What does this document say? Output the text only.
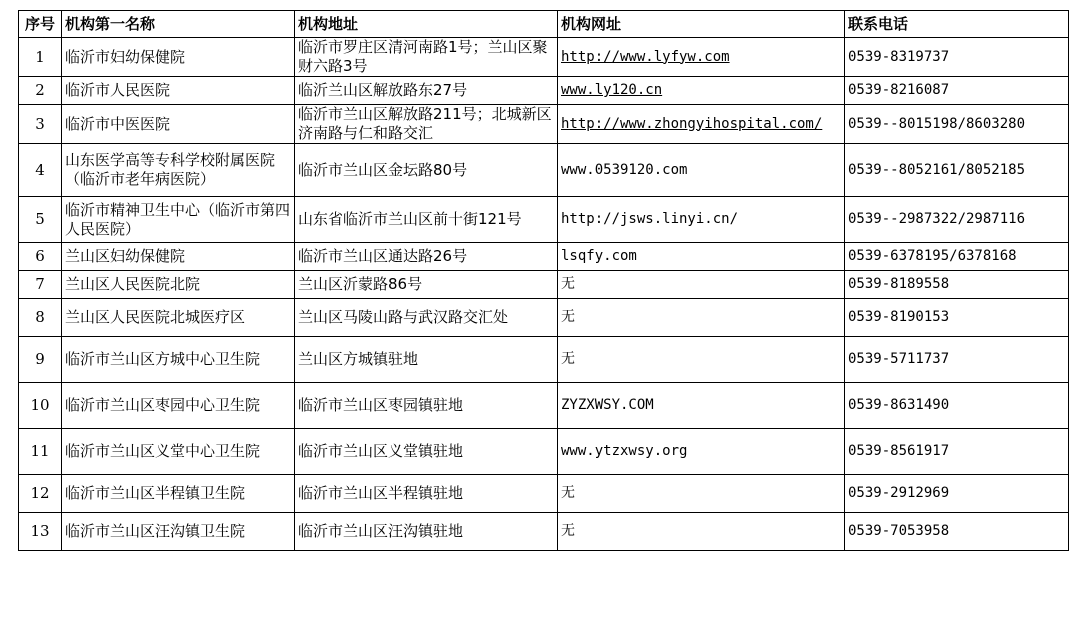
序号	机构第一名称	机构地址	机构网址	联系电话
1	临沂市妇幼保健院	临沂市罗庄区清河南路1号；兰山区聚财六路3号	http://www.lyfyw.com	0539-8319737
2	临沂市人民医院	临沂兰山区解放路东27号	www.ly120.cn	0539-8216087
3	临沂市中医医院	临沂市兰山区解放路211号；北城新区济南路与仁和路交汇	http://www.zhongyihospital.com/	0539--8015198/8603280
4	山东医学高等专科学校附属医院（临沂市老年病医院）	临沂市兰山区金坛路80号	www.0539120.com	0539--8052161/8052185
5	临沂市精神卫生中心（临沂市第四人民医院）	山东省临沂市兰山区前十街121号	http://jsws.linyi.cn/	0539--2987322/2987116
6	兰山区妇幼保健院	临沂市兰山区通达路26号	lsqfy.com	0539-6378195/6378168
7	兰山区人民医院北院	兰山区沂蒙路86号	无	0539-8189558
8	兰山区人民医院北城医疗区	兰山区马陵山路与武汉路交汇处	无	0539-8190153
9	临沂市兰山区方城中心卫生院	兰山区方城镇驻地	无	0539-5711737
10	临沂市兰山区枣园中心卫生院	临沂市兰山区枣园镇驻地	ZYZXWSY.COM	0539-8631490
11	临沂市兰山区义堂中心卫生院	临沂市兰山区义堂镇驻地	www.ytzxwsy.org	0539-8561917
12	临沂市兰山区半程镇卫生院	临沂市兰山区半程镇驻地	无	0539-2912969
13	临沂市兰山区汪沟镇卫生院	临沂市兰山区汪沟镇驻地	无	0539-7053958
